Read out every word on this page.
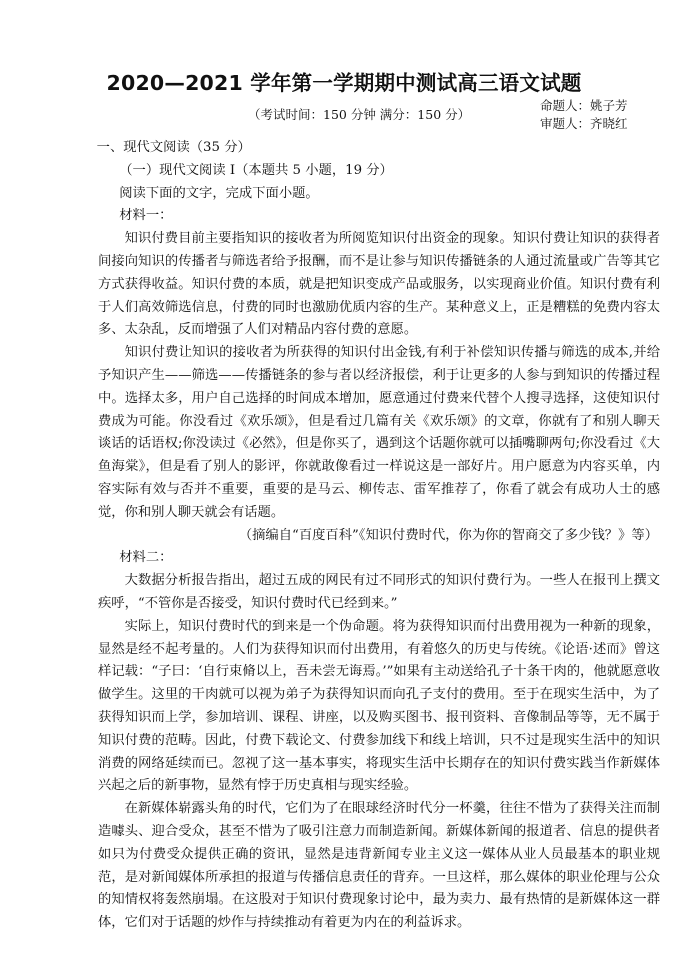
2020—2021 学年第一学期期中测试高三语文试题
（考试时间：150 分钟 满分：150 分）
命题人：姚子芳
审题人：齐晓红

一、现代文阅读（35 分）

（一）现代文阅读 I（本题共 5 小题，19 分）

阅读下面的文字，完成下面小题。

材料一：

知识付费目前主要指知识的接收者为所阅览知识付出资金的现象。知识付费让知识的获得者间接向知识的传播者与筛选者给予报酬，而不是让参与知识传播链条的人通过流量或广告等其它方式获得收益。知识付费的本质，就是把知识变成产品或服务，以实现商业价值。知识付费有利于人们高效筛选信息，付费的同时也激励优质内容的生产。某种意义上，正是糟糕的免费内容太多、太杂乱，反而增强了人们对精品内容付费的意愿。

知识付费让知识的接收者为所获得的知识付出金钱,有利于补偿知识传播与筛选的成本,并给予知识产生——筛选——传播链条的参与者以经济报偿，利于让更多的人参与到知识的传播过程中。选择太多，用户自己选择的时间成本增加，愿意通过付费来代替个人搜寻选择，这使知识付费成为可能。你没看过《欢乐颂》，但是看过几篇有关《欢乐颂》的文章，你就有了和别人聊天谈话的话语权;你没读过《必然》，但是你买了，遇到这个话题你就可以插嘴聊两句;你没看过《大鱼海棠》，但是看了别人的影评，你就敢像看过一样说这是一部好片。用户愿意为内容买单，内容实际有效与否并不重要，重要的是马云、柳传志、雷军推荐了，你看了就会有成功人士的感觉，你和别人聊天就会有话题。

（摘编自“百度百科”《知识付费时代，你为你的智商交了多少钱？》等）

材料二：

大数据分析报告指出，超过五成的网民有过不同形式的知识付费行为。一些人在报刊上撰文疾呼，“不管你是否接受，知识付费时代已经到来。”

实际上，知识付费时代的到来是一个伪命题。将为获得知识而付出费用视为一种新的现象，显然是经不起考量的。人们为获得知识而付出费用，有着悠久的历史与传统。《论语·述而》曾这样记载：“子曰：‘自行束脩以上，吾未尝无诲焉。’”如果有主动送给孔子十条干肉的，他就愿意收做学生。这里的干肉就可以视为弟子为获得知识而向孔子支付的费用。至于在现实生活中，为了获得知识而上学，参加培训、课程、讲座，以及购买图书、报刊资料、音像制品等等，无不属于知识付费的范畴。因此，付费下载论文、付费参加线下和线上培训，只不过是现实生活中的知识消费的网络延续而已。忽视了这一基本事实，将现实生活中长期存在的知识付费实践当作新媒体兴起之后的新事物，显然有悖于历史真相与现实经验。

在新媒体崭露头角的时代，它们为了在眼球经济时代分一杯羹，往往不惜为了获得关注而制造噱头、迎合受众，甚至不惜为了吸引注意力而制造新闻。新媒体新闻的报道者、信息的提供者如只为付费受众提供正确的资讯，显然是违背新闻专业主义这一媒体从业人员最基本的职业规范，是对新闻媒体所承担的报道与传播信息责任的背弃。一旦这样，那么媒体的职业伦理与公众的知情权将轰然崩塌。在这股对于知识付费现象讨论中，最为卖力、最有热情的是新媒体这一群体，它们对于话题的炒作与持续推动有着更为内在的利益诉求。
